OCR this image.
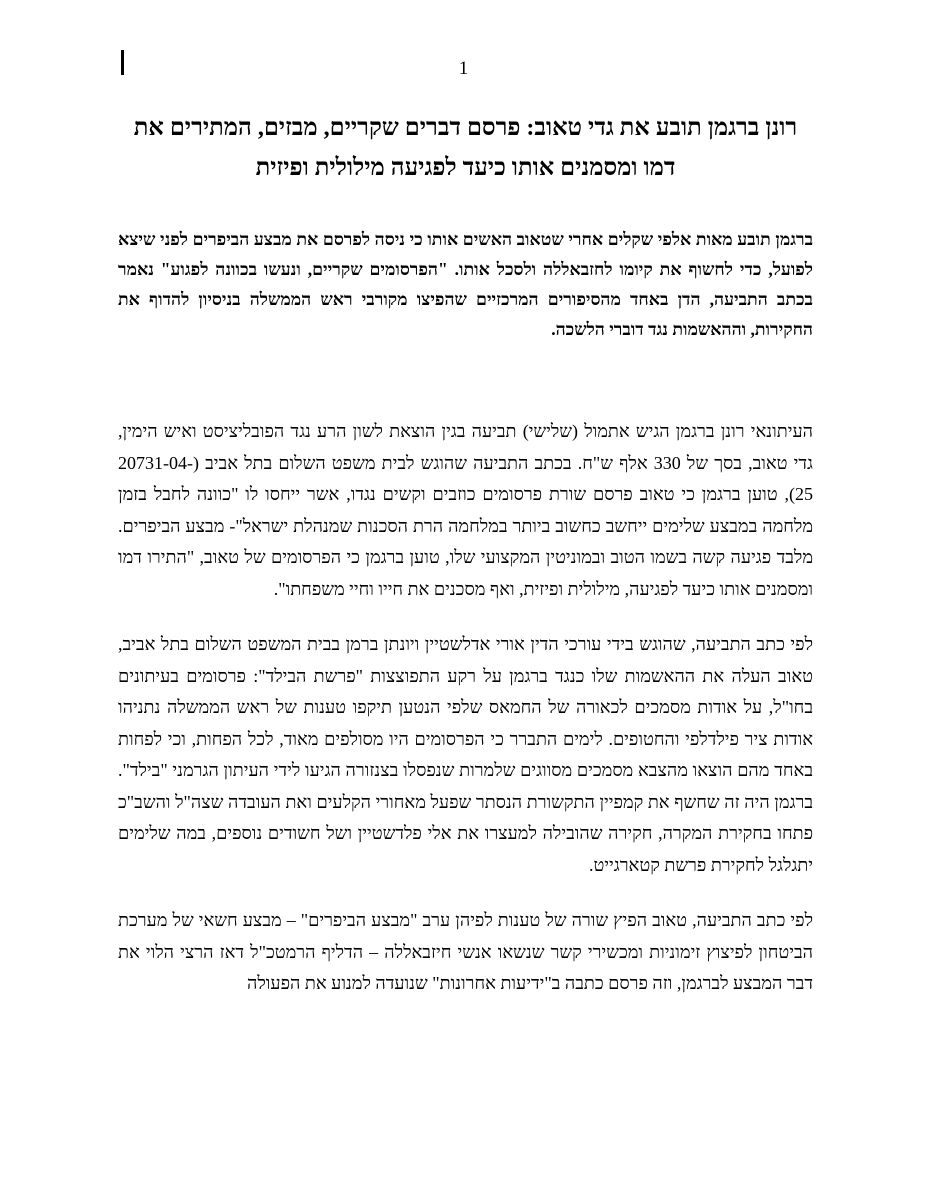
1
רונן ברגמן תובע את גדי טאוב: פרסם דברים שקריים, מבזים, המתירים את דמו ומסמנים אותו כיעד לפגיעה מילולית ופיזית

ברגמן תובע מאות אלפי שקלים אחרי שטאוב האשים אותו כי ניסה לפרסם את מבצע הביפרים לפני שיצא לפועל, כדי לחשוף את קיומו לחזבאללה ולסכל אותו. "הפרסומים שקריים, ונעשו בכוונה לפגוע" נאמר בכתב התביעה, הדן באחד מהסיפורים המרכזיים שהפיצו מקורבי ראש הממשלה בניסיון להדוף את החקירות, וההאשמות נגד דוברי הלשכה.

העיתונאי רונן ברגמן הגיש אתמול (שלישי) תביעה בגין הוצאת לשון הרע נגד הפובליציסט ואיש הימין, גדי טאוב, בסך של 330 אלף ש"ח. בכתב התביעה שהוגש לבית משפט השלום בתל אביב (20731-04-25), טוען ברגמן כי טאוב פרסם שורת פרסומים כוזבים וקשים נגדו, אשר ייחסו לו "כוונה לחבל בזמן מלחמה במבצע שלימים ייחשב כחשוב ביותר במלחמה הרת הסכנות שמנהלת ישראל"- מבצע הביפרים. מלבד פגיעה קשה בשמו הטוב ובמוניטין המקצועי שלו, טוען ברגמן כי הפרסומים של טאוב, "התירו דמו ומסמנים אותו כיעד לפגיעה, מילולית ופיזית, ואף מסכנים את חייו וחיי משפחתו".

לפי כתב התביעה, שהוגש בידי עורכי הדין אורי אדלשטיין ויונתן ברמן בבית המשפט השלום בתל אביב, טאוב העלה את ההאשמות שלו כנגד ברגמן על רקע התפוצצות "פרשת הבילד": פרסומים בעיתונים בחו"ל, על אודות מסמכים לכאורה של החמאס שלפי הנטען תיקפו טענות של ראש הממשלה נתניהו אודות ציר פילדלפי והחטופים. לימים התברר כי הפרסומים היו מסולפים מאוד, לכל הפחות, וכי לפחות באחד מהם הוצאו מהצבא מסמכים מסווגים שלמרות שנפסלו בצנזורה הגיעו לידי העיתון הגרמני "בילד". ברגמן היה זה שחשף את קמפיין התקשורת הנסתר שפעל מאחורי הקלעים ואת העובדה שצה"ל והשב"כ פתחו בחקירת המקרה, חקירה שהובילה למעצרו את אלי פלדשטיין ושל חשודים נוספים, במה שלימים יתגלגל לחקירת פרשת קטארגייט.

לפי כתב התביעה, טאוב הפיץ שורה של טענות לפיהן ערב "מבצע הביפרים" – מבצע חשאי של מערכת הביטחון לפיצוץ זימוניות ומכשירי קשר שנשאו אנשי חיזבאללה – הדליף הרמטכ"ל דאז הרצי הלוי את דבר המבצע לברגמן, וזה פרסם כתבה ב"ידיעות אחרונות" שנועדה למנוע את הפעולה
